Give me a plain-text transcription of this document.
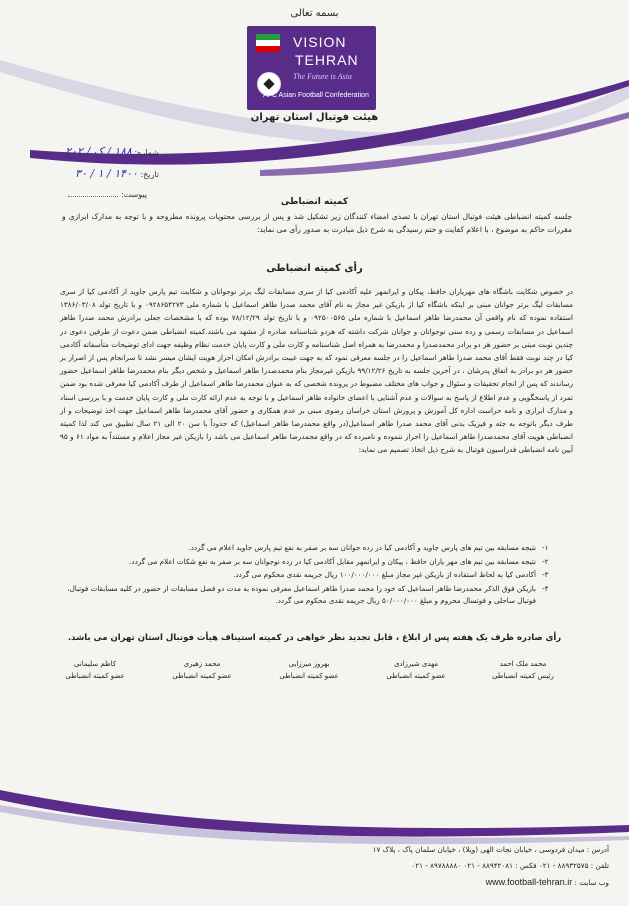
بسمه تعالی
VISION
TEHRAN
The Future is Asia
AFC Asian Football Confederation
هیئت فوتبال استان تهران
شماره: ۱۸۸ / ک / ۲۰۲
تاریخ: ۱۴۰۰ / ۱ / ۳۰
پیوست:
کمیته انضباطی
جلسه کمیته انضباطی هیئت فوتبال استان تهران با تصدی امضاء کنندگان زیر تشکیل شد و پس از بررسی محتویات پرونده مطروحه و با توجه به مدارک ابرازی و مقررات حاکم به موضوع ، با اعلام کفایت و ختم رسیدگی به شرح ذیل مبادرت به صدور رأی می نماید:
رأی کمیته انضباطی
در خصوص شکایت باشگاه های مهریاران حافظ، پیکان و ایرانمهر علیه آکادمی کیا از سری مسابقات لیگ برتر نوجوانان و شکایت تیم پارس جاوید از آکادمی کیا از سری مسابقات لیگ برتر جوانان مبنی بر اینکه باشگاه کیا از بازیکن غیر مجاز به نام آقای محمد صدرا طاهر اسماعیل با شماره ملی ۰۹۲۸۶۵۴۲۷۳ و با تاریخ تولد ۱۳۸۶/۰۳/۰۸ استفاده نموده که نام واقعی آن محمدرضا طاهر اسماعیل با شماره ملی ۰۹۲۵۰۰۵۶۵ و با تاریخ تولد ۷۸/۱۲/۲۹ بوده که با مشخصات جعلی برادرش محمد صدرا طاهر اسماعیل در مسابقات رسمی و رده سنی نوجوانان و جوانان شرکت داشته که هردو شناسنامه صادره از مشهد می باشند.کمیته انضباطی ضمن دعوت از طرفین دعوی در چندین نوبت مبنی بر حضور هر دو برادر محمدصدرا و محمدرضا به همراه اصل شناسنامه و کارت ملی و کارت پایان خدمت نظام وظیفه جهت ادای توضیحات متأسفانه آکادمی کیا در چند نوبت فقط آقای محمد صدرا طاهر اسماعیل را در جلسه معرفی نمود که به جهت غیبت برادرش امکان احراز هویت ایشان میسر نشد تا سرانجام پس از اصرار بر حضور هر دو برادر به اتفاق پدرشان ، در آخرین جلسه به تاریخ ۹۹/۱۲/۲۶ بازیکن غیرمجاز بنام محمدصدرا طاهر اسماعیل و شخص دیگر بنام محمدرضا طاهر اسماعیل حضور رساندند که پس از انجام تحقیقات و سئوال و جواب های مختلف مضبوط در پرونده شخصی که به عنوان محمدرضا طاهر اسماعیل از طرف آکادمی کیا معرفی شده بود ضمن تمرد از پاسخگویی و عدم اطلاع از پاسخ به سوالات و عدم آشنایی با اعضای خانواده طاهر اسماعیل و با توجه به عدم ارائه کارت ملی و کارت پایان خدمت و با بررسی اسناد و مدارک ابرازی و نامه حراست اداره کل آموزش و پرورش استان خراسان رضوی مبنی بر عدم همکاری و حضور آقای محمدرضا طاهر اسماعیل جهت اخذ توضیحات و از طرف دیگر باتوجه به جثه و فیزیک بدنی آقای محمد صدرا طاهر اسماعیل(در واقع محمدرضا طاهر اسماعیل) که حدوداً با سن ۲۰ الی ۲۱ سال تطبیق می کند لذا کمیته انضباطی هویت آقای محمدصدرا طاهر اسماعیل را احراز ننموده و نامبرده که در واقع محمدرضا طاهر اسماعیل می باشد را بازیکن غیر مجاز اعلام و مستنداً به مواد ۶۱ و ۹۵ آیین نامه انضباطی فدراسیون فوتبال به شرح ذیل اتخاذ تصمیم می نماید:
۱-
نتیجه مسابقه بین تیم های پارس جاوید و آکادمی کیا در رده جوانان سه بر صفر به نفع تیم پارس جاوید اعلام می گردد.
۲-
نتیجه مسابقه بین تیم های مهر یاران حافظ ، پیکان و ایرانمهر مقابل آکادمی کیا در رده نوجوانان سه بر صفر به نفع شکات اعلام می گردد.
۳-
آکادمی کیا به لحاظ استفاده از بازیکن غیر مجاز مبلغ ۱۰۰/۰۰۰/۰۰۰ ریال جریمه نقدی محکوم می گردد.
۴-
بازیکن فوق الذکر محمدرضا طاهر اسماعیل که خود را محمد صدرا طاهر اسماعیل معرفی نموده به مدت دو فصل مسابقات از حضور در کلیه مسابقات فوتبال، فوتبال ساحلی و فوتسال محروم و مبلغ ۵۰/۰۰۰/۰۰۰ ریال جریمه نقدی محکوم می گردد.
رأی صادره ظرف یک هفته پس از ابلاغ ، قابل تجدید نظر خواهی در کمیته استیناف هیأت فوتبال استان تهران می باشد.
محمد ملک احمد
رئیس کمیته انضباطی
مهدی شیرزادی
عضو کمیته انضباطی
بهروز میرزایی
عضو کمیته انضباطی
محمد زهیری
عضو کمیته انضباطی
کاظم سلیمانی
عضو کمیته انضباطی
آدرس : میدان فردوسی ، خیابان نجات الهی (ویلا) ، خیابان سلمان پاک ، پلاک ۱۷
تلفن : ۸۸۹۳۲۵۷۵ - ۰۲۱ فکس : ۸۸۹۴۲۰۸۱ - ۰۲۱ ۸۹۷۸۸۸۸۰ - ۰۲۱
www.football-tehran.ir وب سایت :
